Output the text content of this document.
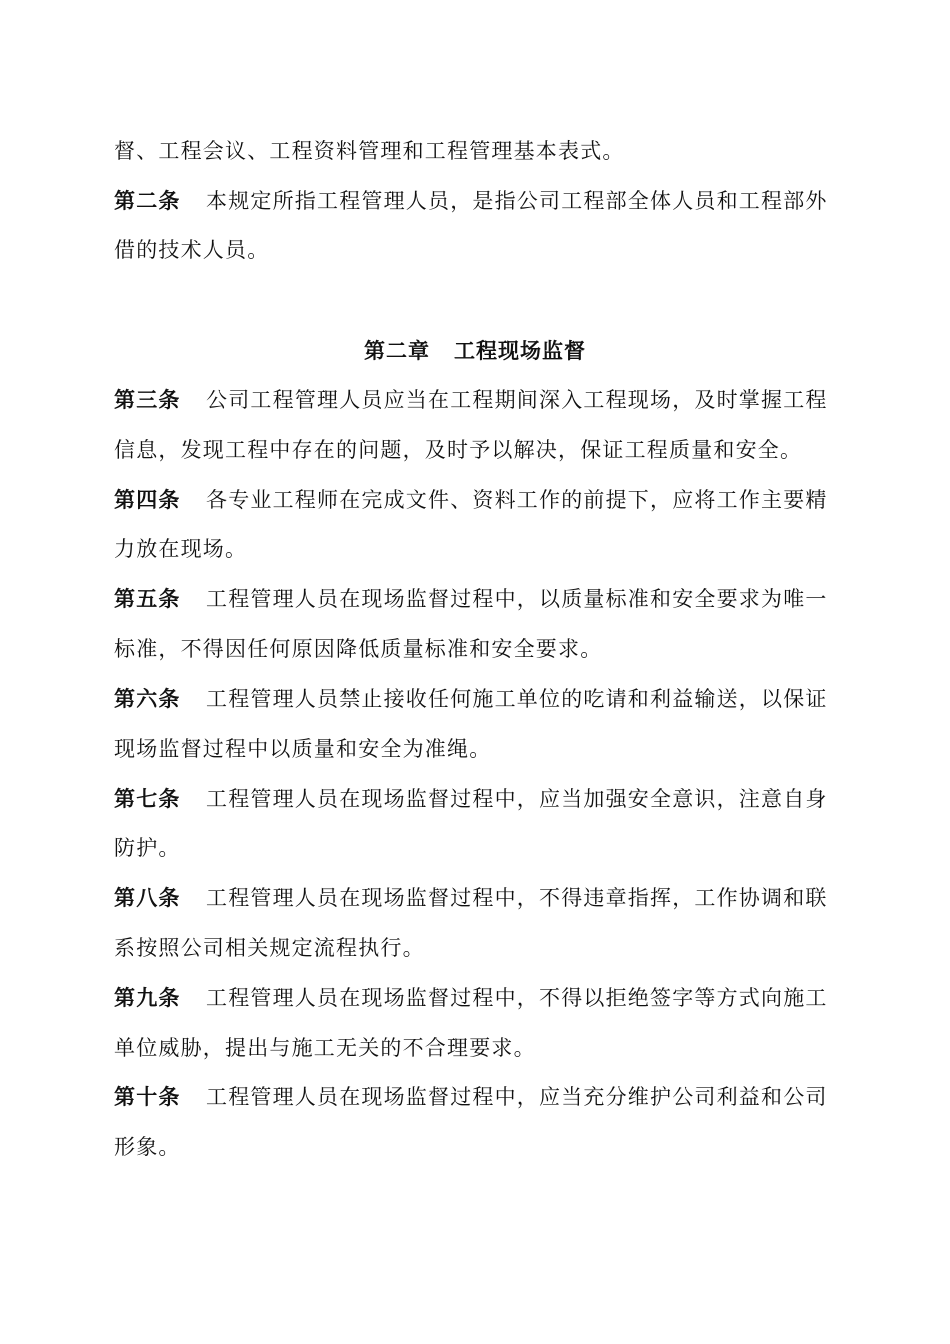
督、工程会议、工程资料管理和工程管理基本表式。
第二条 本规定所指工程管理人员，是指公司工程部全体人员和工程部外
借的技术人员。
第二章 工程现场监督
第三条 公司工程管理人员应当在工程期间深入工程现场，及时掌握工程
信息，发现工程中存在的问题，及时予以解决，保证工程质量和安全。
第四条 各专业工程师在完成文件、资料工作的前提下，应将工作主要精
力放在现场。
第五条 工程管理人员在现场监督过程中，以质量标准和安全要求为唯一
标准，不得因任何原因降低质量标准和安全要求。
第六条 工程管理人员禁止接收任何施工单位的吃请和利益输送，以保证
现场监督过程中以质量和安全为准绳。
第七条 工程管理人员在现场监督过程中，应当加强安全意识，注意自身
防护。
第八条 工程管理人员在现场监督过程中，不得违章指挥，工作协调和联
系按照公司相关规定流程执行。
第九条 工程管理人员在现场监督过程中，不得以拒绝签字等方式向施工
单位威胁，提出与施工无关的不合理要求。
第十条 工程管理人员在现场监督过程中，应当充分维护公司利益和公司
形象。
